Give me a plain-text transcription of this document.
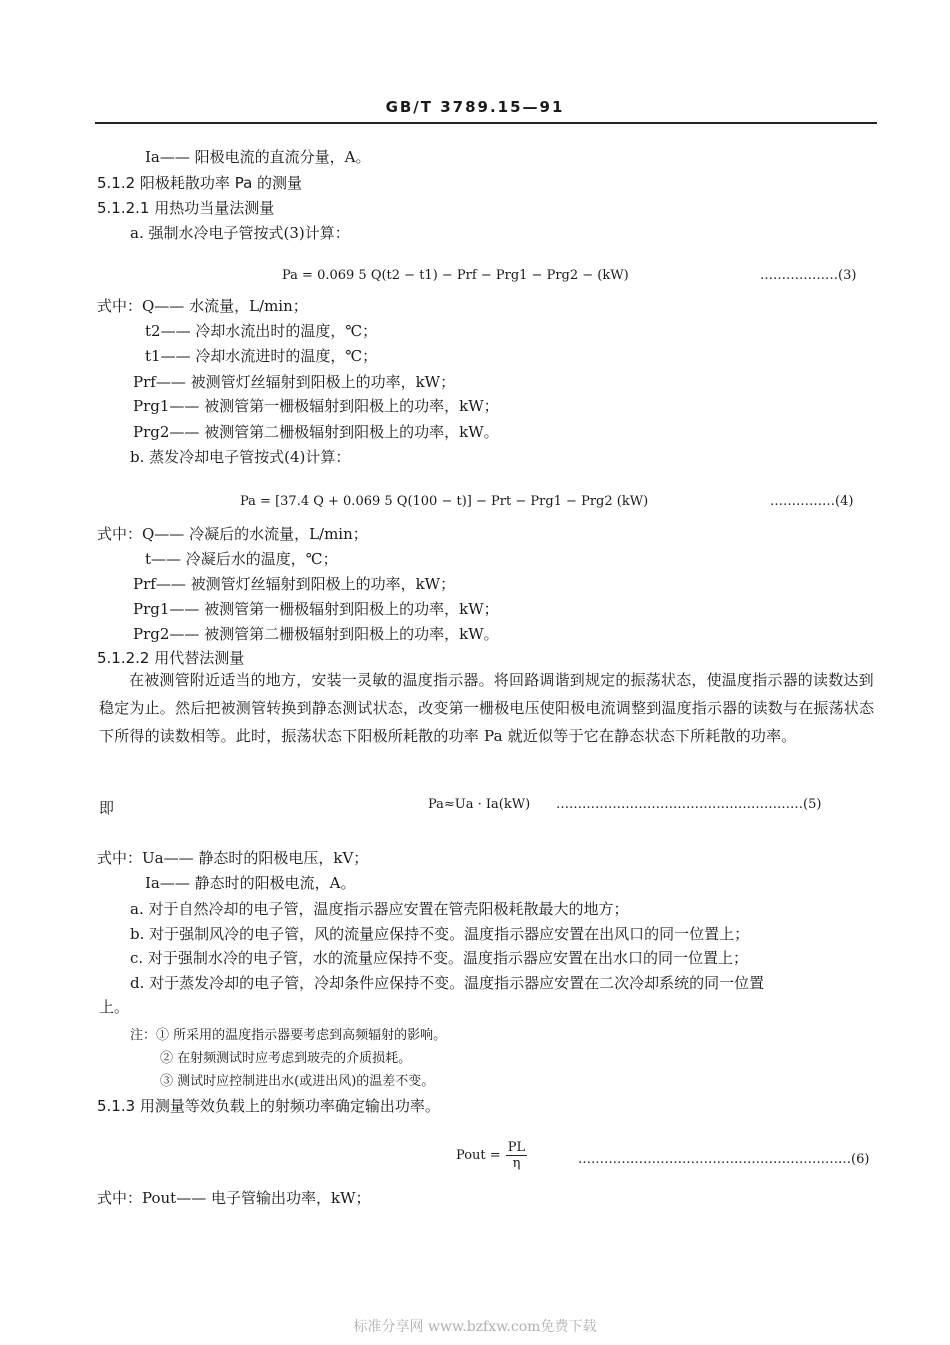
GB/T 3789.15—91
Ia—— 阳极电流的直流分量，A。
5.1.2 阳极耗散功率 Pa 的测量
5.1.2.1 用热功当量法测量
a. 强制水冷电子管按式(3)计算：
Pa = 0.069 5 Q(t2 − t1) − Prf − Prg1 − Prg2 − (kW)	………………(3)
式中：Q—— 水流量，L/min；
t2—— 冷却水流出时的温度，℃；
t1—— 冷却水流进时的温度，℃；
Prf—— 被测管灯丝辐射到阳极上的功率，kW；
Prg1—— 被测管第一栅极辐射到阳极上的功率，kW；
Prg2—— 被测管第二栅极辐射到阳极上的功率，kW。
b. 蒸发冷却电子管按式(4)计算：
Pa = [37.4 Q + 0.069 5 Q(100 − t)] − Prt − Prg1 − Prg2 (kW)	……………(4)
式中：Q—— 冷凝后的水流量，L/min；
t—— 冷凝后水的温度，℃；
Prf—— 被测管灯丝辐射到阳极上的功率，kW；
Prg1—— 被测管第一栅极辐射到阳极上的功率，kW；
Prg2—— 被测管第二栅极辐射到阳极上的功率，kW。
5.1.2.2 用代替法测量
在被测管附近适当的地方，安装一灵敏的温度指示器。将回路调谐到规定的振荡状态，使温度指示器的读数达到稳定为止。然后把被测管转换到静态测试状态，改变第一栅极电压使阳极电流调整到温度指示器的读数与在振荡状态下所得的读数相等。此时，振荡状态下阳极所耗散的功率 Pa 就近似等于它在静态状态下所耗散的功率。
即	Pa≈Ua · Ia(kW) …………………………………………………(5)
式中：Ua—— 静态时的阳极电压，kV；
Ia—— 静态时的阳极电流，A。
a. 对于自然冷却的电子管，温度指示器应安置在管壳阳极耗散最大的地方；
b. 对于强制风冷的电子管，风的流量应保持不变。温度指示器应安置在出风口的同一位置上；
c. 对于强制水冷的电子管，水的流量应保持不变。温度指示器应安置在出水口的同一位置上；
d. 对于蒸发冷却的电子管，冷却条件应保持不变。温度指示器应安置在二次冷却系统的同一位置
上。
注：① 所采用的温度指示器要考虑到高频辐射的影响。
② 在射频测试时应考虑到玻壳的介质损耗。
③ 测试时应控制进出水(或进出风)的温差不变。
5.1.3 用测量等效负载上的射频功率确定输出功率。
Pout = $\frac{PL}{\eta}$	………………………………………………………(6)
式中：Pout—— 电子管输出功率，kW；
标准分享网 www.bzfxw.com免费下载
